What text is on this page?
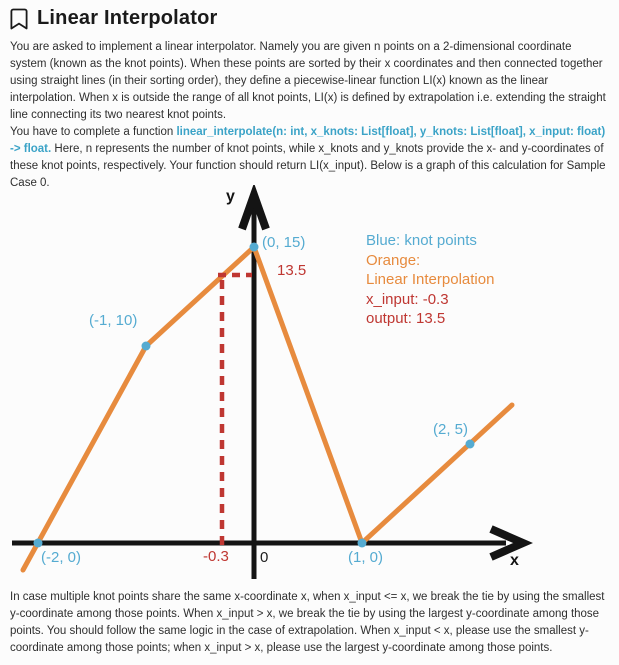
Linear Interpolator

You are asked to implement a linear interpolator. Namely you are given n points on a 2-dimensional coordinate system (known as the knot points). When these points are sorted by their x coordinates and then connected together using straight lines (in their sorting order), they define a piecewise-linear function LI(x) known as the linear interpolation. When x is outside the range of all knot points, LI(x) is defined by extrapolation i.e. extending the straight line connecting its two nearest knot points.

You have to complete a function linear_interpolate(n: int, x_knots: List[float], y_knots: List[float], x_input: float) -> float. Here, n represents the number of knot points, while x_knots and y_knots provide the x- and y-coordinates of these knot points, respectively. Your function should return LI(x_input). Below is a graph of this calculation for Sample Case 0.

y
x
0
(-2, 0)
(-1, 10)
(0, 15)
(1, 0)
(2, 5)
-0.3
13.5
Blue: knot points
Orange:
Linear Interpolation
x_input: -0.3
output: 13.5

In case multiple knot points share the same x-coordinate x, when x_input <= x, we break the tie by using the smallest y-coordinate among those points. When x_input > x, we break the tie by using the largest y-coordinate among those points. You should follow the same logic in the case of extrapolation. When x_input < x, please use the smallest y-coordinate among those points; when x_input > x, please use the largest y-coordinate among those points.
